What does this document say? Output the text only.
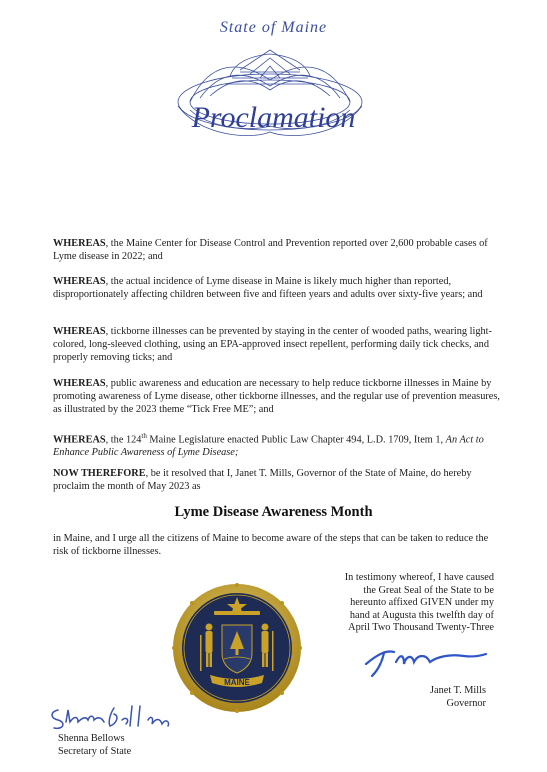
State of Maine
Proclamation

WHEREAS, the Maine Center for Disease Control and Prevention reported over 2,600 probable cases of Lyme disease in 2022; and

WHEREAS, the actual incidence of Lyme disease in Maine is likely much higher than reported, disproportionately affecting children between five and fifteen years and adults over sixty-five years; and

WHEREAS, tickborne illnesses can be prevented by staying in the center of wooded paths, wearing light-colored, long-sleeved clothing, using an EPA-approved insect repellent, performing daily tick checks, and properly removing ticks; and

WHEREAS, public awareness and education are necessary to help reduce tickborne illnesses in Maine by promoting awareness of Lyme disease, other tickborne illnesses, and the regular use of prevention measures, as illustrated by the 2023 theme “Tick Free ME”; and

WHEREAS, the 124th Maine Legislature enacted Public Law Chapter 494, L.D. 1709, Item 1, An Act to Enhance Public Awareness of Lyme Disease;

NOW THEREFORE, be it resolved that I, Janet T. Mills, Governor of the State of Maine, do hereby proclaim the month of May 2023 as

Lyme Disease Awareness Month

in Maine, and I urge all the citizens of Maine to become aware of the steps that can be taken to reduce the risk of tickborne illnesses.

In testimony whereof, I have caused
the Great Seal of the State to be
hereunto affixed GIVEN under my
hand at Augusta this twelfth day of
April Two Thousand Twenty-Three
MAINE
Janet T. Mills
Governor
Shenna Bellows
Secretary of State
